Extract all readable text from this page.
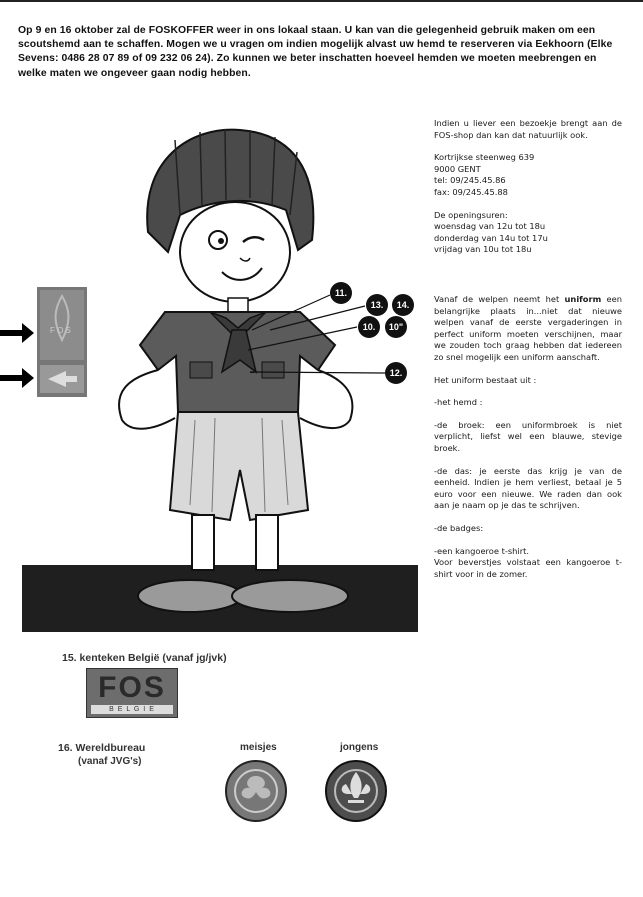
Op 9 en 16 oktober zal de FOSKOFFER weer in ons lokaal staan. U kan van die gelegenheid gebruik maken om een scoutshemd aan te schaffen. Mogen we u vragen om indien mogelijk alvast uw hemd te reserveren via Eekhoorn (Elke Sevens: 0486 28 07 89 of 09 232 06 24). Zo kunnen we beter inschatten hoeveel hemden we moeten meebrengen en welke maten we ongeveer gaan nodig hebben.

Indien u liever een bezoekje brengt aan de FOS-shop dan kan dat natuurlijk ook.

Kortrijkse steenweg 639
9000 GENT
tel: 09/245.45.86
fax: 09/245.45.88

De openingsuren:
woensdag van 12u tot 18u
donderdag van 14u tot 17u
vrijdag van 10u tot 18u

Vanaf de welpen neemt het uniform een belangrijke plaats in...niet dat nieuwe welpen vanaf de eerste vergaderingen in perfect uniform moeten verschijnen, maar we zouden toch graag hebben dat iedereen zo snel mogelijk een uniform aanschaft.

Het uniform bestaat uit :

-het hemd :

-de broek: een uniformbroek is niet verplicht, liefst wel een blauwe, stevige broek.

-de das: je eerste das krijg je van de eenheid. Indien je hem verliest, betaal je 5 euro voor een nieuwe. We raden dan ook aan je naam op je das te schrijven.

-de badges:

-een kangoeroe t-shirt.
Voor beverstjes volstaat een kangoeroe t-shirt voor in de zomer.

F O S
11.
13. 14.
10. 10"
12.
15. kenteken België (vanaf jg/jvk)
FOS
B E L G I E
16. Wereldbureau
(vanaf JVG's)
meisjes	jongens
